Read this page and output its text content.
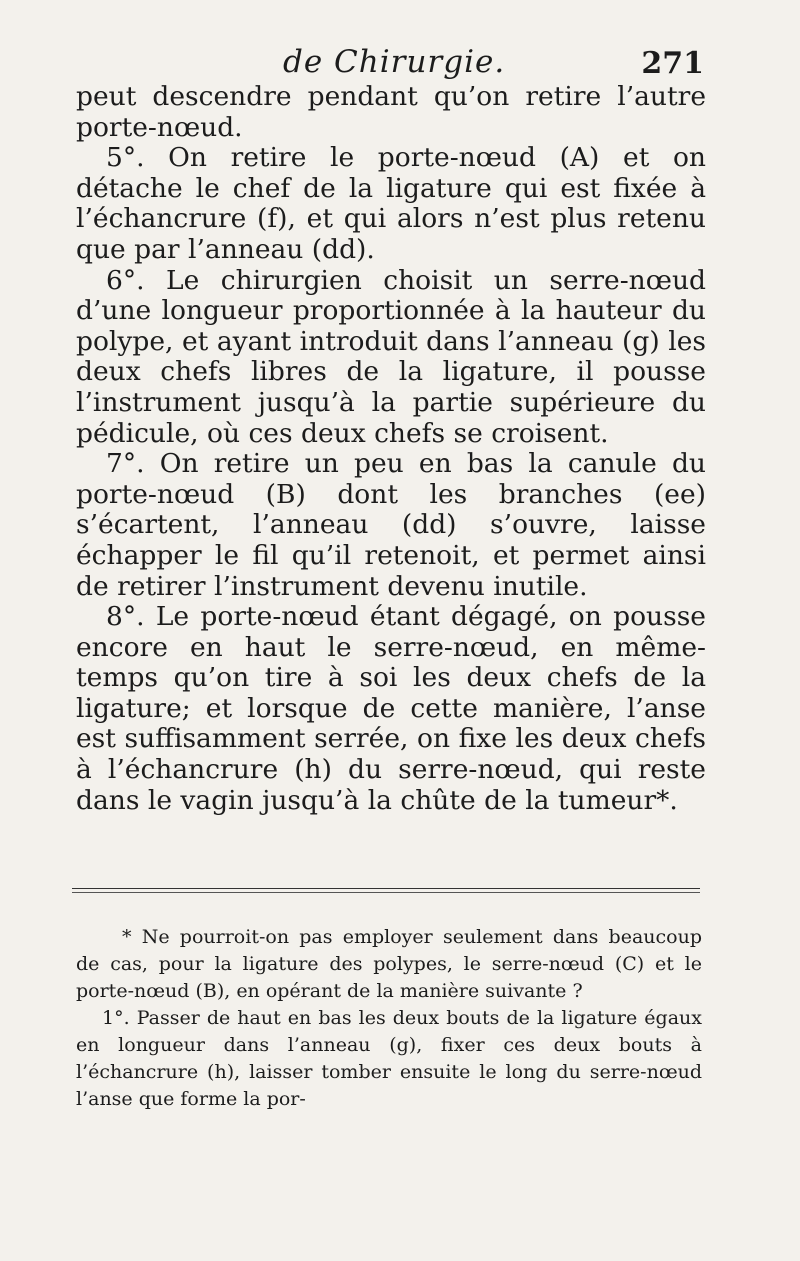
de Chirurgie.	271

peut descendre pendant qu’on retire l’autre porte-nœud.

5°. On retire le porte-nœud (A) et on détache le chef de la ligature qui est fixée à l’échancrure (f), et qui alors n’est plus retenu que par l’anneau (dd).

6°. Le chirurgien choisit un serre-nœud d’une longueur proportionnée à la hauteur du polype, et ayant introduit dans l’anneau (g) les deux chefs libres de la ligature, il pousse l’instrument jusqu’à la partie supérieure du pédicule, où ces deux chefs se croisent.

7°. On retire un peu en bas la canule du porte-nœud (B) dont les branches (ee) s’écartent, l’anneau (dd) s’ouvre, laisse échapper le fil qu’il retenoit, et permet ainsi de retirer l’instrument devenu inutile.

8°. Le porte-nœud étant dégagé, on pousse encore en haut le serre-nœud, en même-temps qu’on tire à soi les deux chefs de la ligature; et lorsque de cette manière, l’anse est suffisamment serrée, on fixe les deux chefs à l’échancrure (h) du serre-nœud, qui reste dans le vagin jusqu’à la chûte de la tumeur*.

* Ne pourroit-on pas employer seulement dans beaucoup de cas, pour la ligature des polypes, le serre-nœud (C) et le porte-nœud (B), en opérant de la manière suivante ?

1°. Passer de haut en bas les deux bouts de la ligature égaux en longueur dans l’anneau (g), fixer ces deux bouts à l’échancrure (h), laisser tomber ensuite le long du serre-nœud l’anse que forme la por-
